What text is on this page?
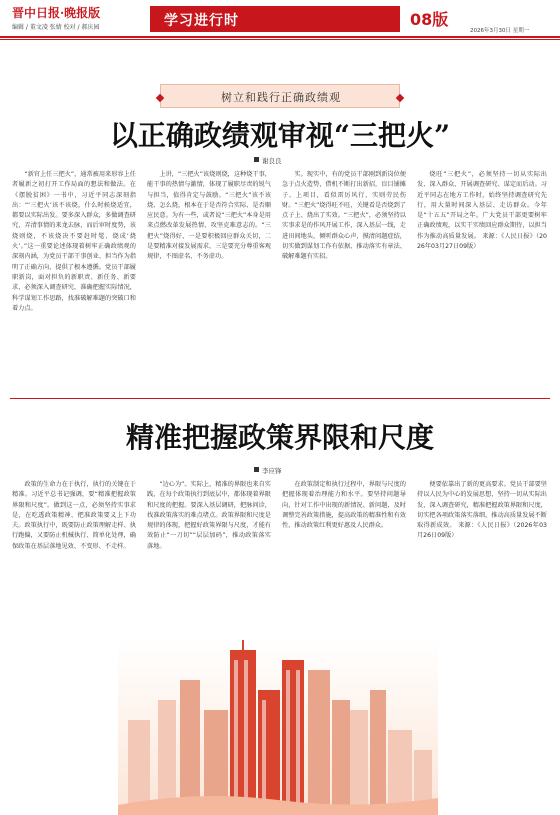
晋中日报·晚报版
编辑 / 董文凌 张婧 校对 / 郝庆园	学习进行时	08版
2026年3月30日 星期一
树立和践行正确政绩观
以正确政绩观审视“三把火”
谢良良

“新官上任三把火”，通常被用来形容上任者履新之初打开工作局面的想法和做法。在《摆脱贫困》一书中，习近平同志深刻指出：“‘三把火’该不该烧，什么时候烧适宜，都要以实际出发。要多深入群众，多做调查研究，弄清事情的来龙去脉，而后审时度势，该烧则烧，不该烧决不要赶时髦、烧成‘烧火’。”这一重要论述体现着树牢正确政绩观的深刻内涵，为党员干部干事创业、担当作为指明了正确方向、提供了根本遵循。党员干部履职新岗，面对担负的新职责、新任务、新要求，必须深入调查研究，准确把握实际情况，科学谋划工作思路，找准破解难题的突破口和着力点。

上讲，“三把火”该烧则烧，这种烧干事，能干事的热情与激情，体现了履职尽责的锐气与担当，值得肯定与鼓励。“三把火”该不该烧、怎么烧，根本在于是否符合实际、是否顺应民意。为有一些，或者说“三把火”本身是用来点燃改革发展热情、攻坚克难意志的。“三把火”烧得好，一是要积极回应群众关切，二是要精准对接发展需求，三是要充分尊重客观规律，不图虚名、不务虚功。

实。现实中，有的党员干部刚到新岗位便急于点火造势，借机不断打出新招，盲目铺摊子、上项目，看似雷厉风行，实则劳民伤财。“三把火”烧得旺不旺，关键看是否烧到了点子上、烧出了实效。“三把火”，必须坚持以实事求是的作风开展工作，深入基层一线，走进田间地头，倾听群众心声，摸清问题症结，切实做到谋划工作有依据、推动落实有章法、破解难题有实招。

烧旺“三把火”，必须坚持一切从实际出发、深入群众、开展调查研究、谋定而后动。习近平同志在地方工作时，始终坚持调查研究先行，用大量时间深入基层、走访群众。今年是“十五五”开局之年。广大党员干部更要树牢正确政绩观，以实干实绩回应群众期待，以担当作为推动高质量发展。 来源：《人民日报》（2026年03月27日09版）

精准把握政策界限和尺度
李应锋

政策的生命力在于执行，执行的关键在于精准。习近平总书记强调，要“精准把握政策界限和尺度”。做到这一点，必须坚持实事求是，在吃透政策精神、把准政策要义上下功夫。政策执行中，既要防止政策理解走样、执行跑偏，又要防止机械执行、简单化处理，确保政策在基层落地见效、不变形、不走样。

“边心为”。实际上，精准的界限也来自实践，在每个政策执行到底层中，都体现着界限和尺度的把握。要深入基层调研，把脉问诊，找准政策落实的难点堵点。政策界限和尺度是规律的体现，把握好政策界限与尺度，才能有效防止“一刀切”“层层加码”，推动政策落实落地。

在政策制定和执行过程中，界限与尺度的把握体现着治理能力和水平。要坚持问题导向，针对工作中出现的新情况、新问题，及时调整完善政策措施，提高政策的精准性和有效性，推动政策红利更好惠及人民群众。

便要依靠出了新的更高要求。党员干部要坚持以人民为中心的发展思想，坚持一切从实际出发，深入调查研究，精准把握政策界限和尺度，切实把各项政策落实落细，推动高质量发展不断取得新成效。 来源：《人民日报》（2026年03月26日09版）
